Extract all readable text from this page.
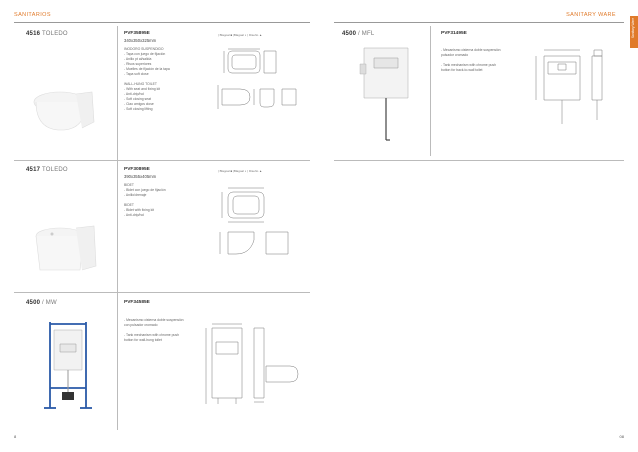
SANITARIOS	SANITARY WARE
Sanitary Ware
4516 TOLEDO	PVF35895E
340x350x325mm
| Blagoal ■ |Blagoal ◐ | Diseño ▲
INODORO SUSPENDIDO
- Tapa con juego de fijación
- Anillo pt al/salida
- Risos superiores
- Muelles de fijación de la tapa
- Tapa soft close

WALL-HUNG TOILET
- With seat and fixing kit
- Anti-drip/hol
- Soft closing seat
- Ciao amigos close
- Soft closing lifting
4517 TOLEDO	PVF30895E
390x355x405mm
| Blagoal ■ |Blagoal ◐ | Diseño ▲
BIDET
- Bidet con juego de fijación
- Anillo/drenaje

BIDET
- Bidet with fixing kit
- Anti-drip/hol
4500 / MW	PVF34585E
- Mecanismo cisterna doble suspensión
con pulsador cromado

- Tank mechanism with chrome push
button for wall-hung toilet
4500 / MFL	PVF31495E
- Mecanismo cisterna doble suspensión
pulsador cromado

- Tank mechanism with chrome push
button for back-to-wall toilet
8	08
